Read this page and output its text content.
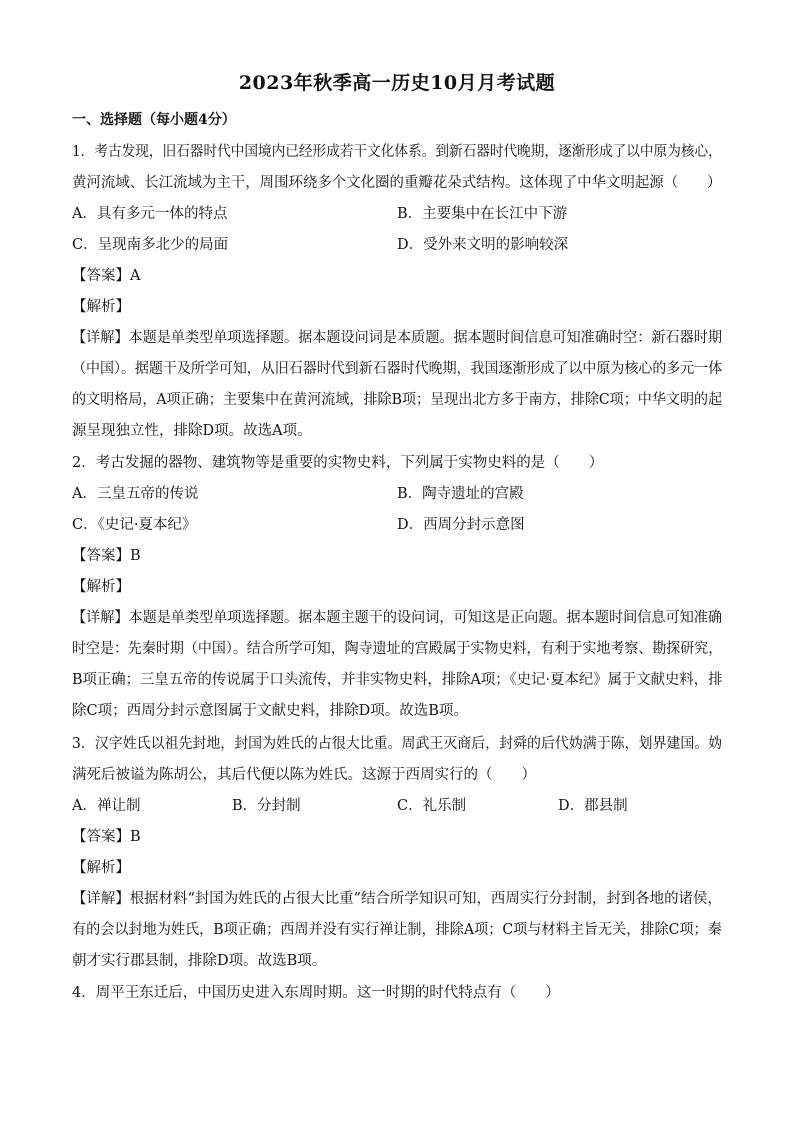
2023年秋季高一历史10月月考试题
一、选择题（每小题4分）
1．考古发现，旧石器时代中国境内已经形成若干文化体系。到新石器时代晚期，逐渐形成了以中原为核心，
黄河流域、长江流域为主干，周围环绕多个文化圈的重瓣花朵式结构。这体现了中华文明起源（　　）
A．具有多元一体的特点	B．主要集中在长江中下游
C．呈现南多北少的局面	D．受外来文明的影响较深
【答案】A
【解析】
【详解】本题是单类型单项选择题。据本题设问词是本质题。据本题时间信息可知准确时空：新石器时期
（中国）。据题干及所学可知，从旧石器时代到新石器时代晚期，我国逐渐形成了以中原为核心的多元一体
的文明格局，A项正确；主要集中在黄河流域，排除B项；呈现出北方多于南方，排除C项；中华文明的起
源呈现独立性，排除D项。故选A项。
2．考古发掘的器物、建筑物等是重要的实物史料，下列属于实物史料的是（　　）
A．三皇五帝的传说	B．陶寺遗址的宫殿
C．《史记·夏本纪》	D．西周分封示意图
【答案】B
【解析】
【详解】本题是单类型单项选择题。据本题主题干的设问词，可知这是正向题。据本题时间信息可知准确
时空是：先秦时期（中国）。结合所学可知，陶寺遗址的宫殿属于实物史料，有利于实地考察、勘探研究，
B项正确；三皇五帝的传说属于口头流传，并非实物史料，排除A项；《史记·夏本纪》属于文献史料，排
除C项；西周分封示意图属于文献史料，排除D项。故选B项。
3．汉字姓氏以祖先封地，封国为姓氏的占很大比重。周武王灭商后，封舜的后代妫满于陈，划界建国。妫
满死后被谥为陈胡公，其后代便以陈为姓氏。这源于西周实行的（　　）
A．禅让制	B．分封制	C．礼乐制	D．郡县制
【答案】B
【解析】
【详解】根据材料“封国为姓氏的占很大比重”结合所学知识可知，西周实行分封制，封到各地的诸侯，
有的会以封地为姓氏，B项正确；西周并没有实行禅让制，排除A项；C项与材料主旨无关，排除C项；秦
朝才实行郡县制，排除D项。故选B项。
4．周平王东迁后，中国历史进入东周时期。这一时期的时代特点有（　　）
